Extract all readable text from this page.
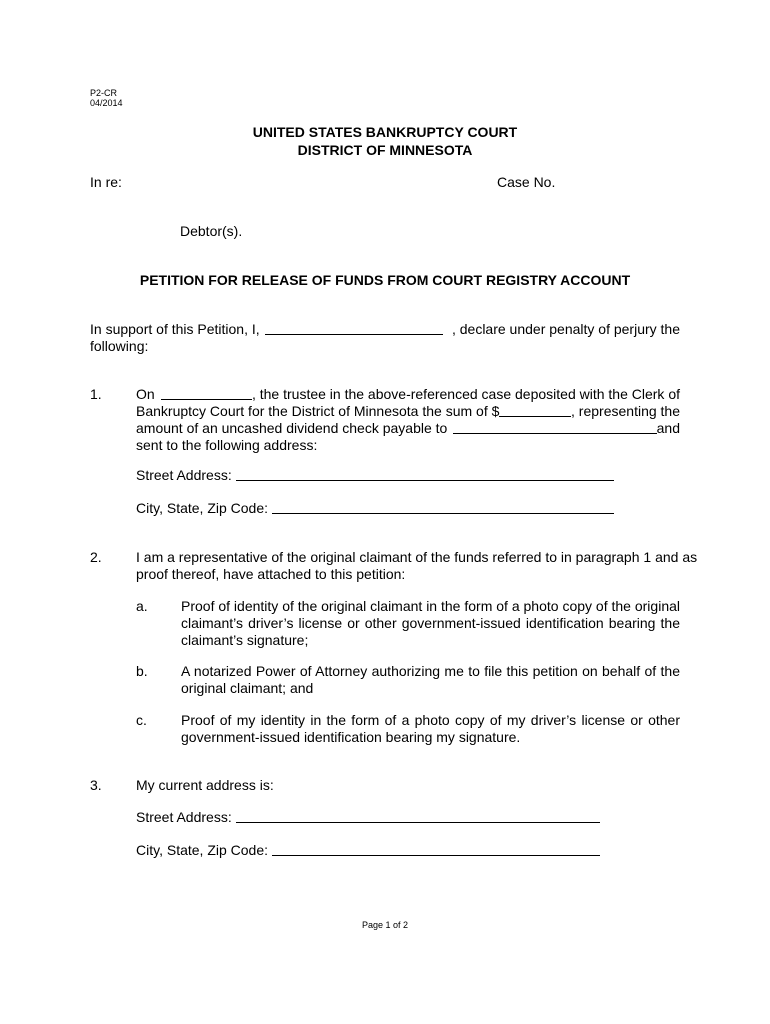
P2-CR
04/2014
UNITED STATES BANKRUPTCY COURT
DISTRICT OF MINNESOTA
In re:	Case No.
Debtor(s).
PETITION FOR RELEASE OF FUNDS FROM COURT REGISTRY ACCOUNT
In support of this Petition, I,	, declare under penalty of perjury the
following:
1. On	, the trustee in the above-referenced case deposited with the Clerk of
Bankruptcy Court for the District of Minnesota the sum of $	, representing the
amount of an uncashed dividend check payable to	and
sent to the following address:
Street Address:
City, State, Zip Code:
2. I am a representative of the original claimant of the funds referred to in paragraph 1 and as
proof thereof, have attached to this petition:
a. Proof of identity of the original claimant in the form of a photo copy of the original
claimant’s driver’s license or other government-issued identification bearing the
claimant’s signature;
b. A notarized Power of Attorney authorizing me to file this petition on behalf of the
original claimant; and
c. Proof of my identity in the form of a photo copy of my driver’s license or other
government-issued identification bearing my signature.
3. My current address is:
Street Address:
City, State, Zip Code:
Page 1 of 2
